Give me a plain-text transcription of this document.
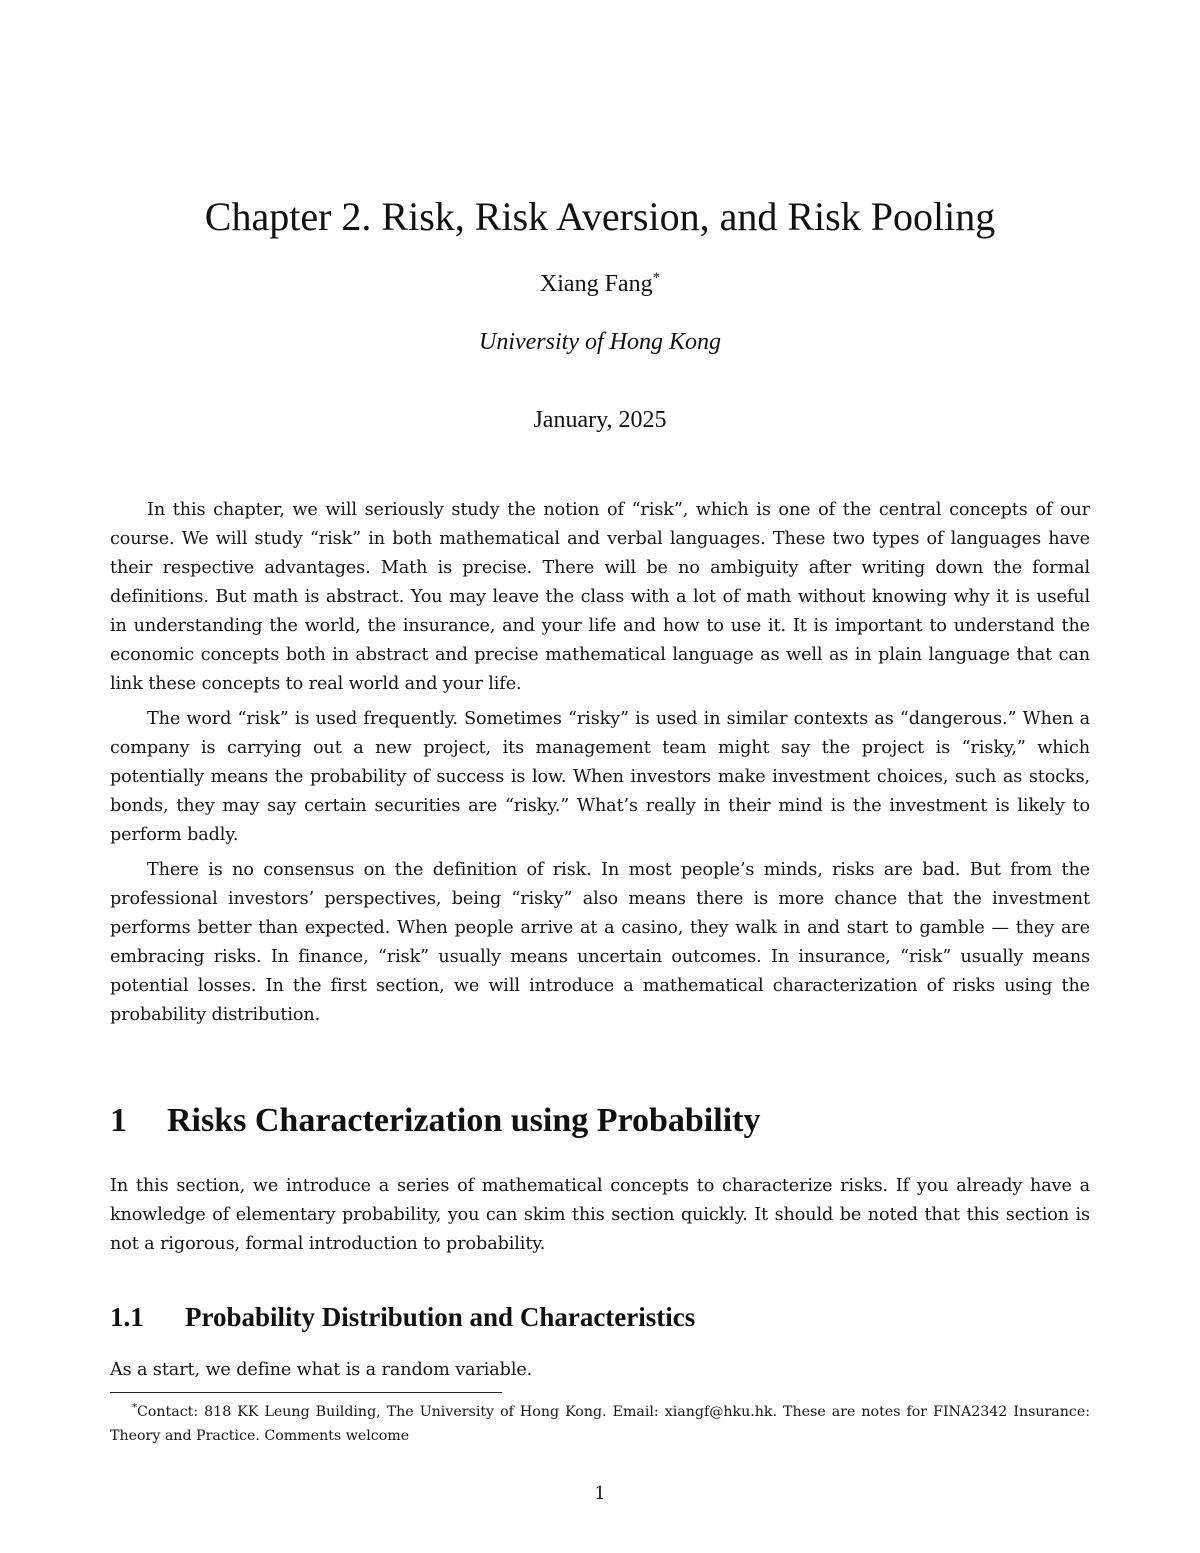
Chapter 2. Risk, Risk Aversion, and Risk Pooling
Xiang Fang*
University of Hong Kong
January, 2025

In this chapter, we will seriously study the notion of “risk”, which is one of the central concepts of our course. We will study “risk” in both mathematical and verbal languages. These two types of languages have their respective advantages. Math is precise. There will be no ambiguity after writing down the formal definitions. But math is abstract. You may leave the class with a lot of math without knowing why it is useful in understanding the world, the insurance, and your life and how to use it. It is important to understand the economic concepts both in abstract and precise mathematical language as well as in plain language that can link these concepts to real world and your life.

The word “risk” is used frequently. Sometimes “risky” is used in similar contexts as “dangerous.” When a company is carrying out a new project, its management team might say the project is “risky,” which potentially means the probability of success is low. When investors make investment choices, such as stocks, bonds, they may say certain securities are “risky.” What’s really in their mind is the investment is likely to perform badly.

There is no consensus on the definition of risk. In most people’s minds, risks are bad. But from the professional investors’ perspectives, being “risky” also means there is more chance that the investment performs better than expected. When people arrive at a casino, they walk in and start to gamble — they are embracing risks. In finance, “risk” usually means uncertain outcomes. In insurance, “risk” usually means potential losses. In the first section, we will introduce a mathematical characterization of risks using the probability distribution.

1 Risks Characterization using Probability

In this section, we introduce a series of mathematical concepts to characterize risks. If you already have a knowledge of elementary probability, you can skim this section quickly. It should be noted that this section is not a rigorous, formal introduction to probability.

1.1 Probability Distribution and Characteristics

As a start, we define what is a random variable.

*Contact: 818 KK Leung Building, The University of Hong Kong. Email: xiangf@hku.hk. These are notes for FINA2342 Insurance: Theory and Practice. Comments welcome

1
